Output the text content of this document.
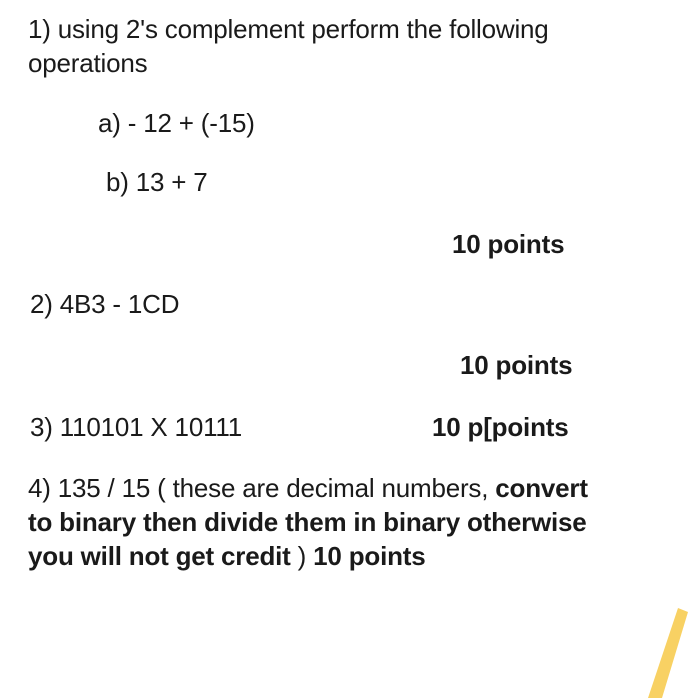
1) using 2's complement perform the following operations
a) - 12 + (-15)
b) 13 + 7
10 points
2) 4B3 - 1CD
10 points
3) 110101 X 10111	10 p[points
4) 135 / 15 ( these are decimal numbers, convert
to binary then divide them in binary otherwise
you will not get credit ) 10 points
